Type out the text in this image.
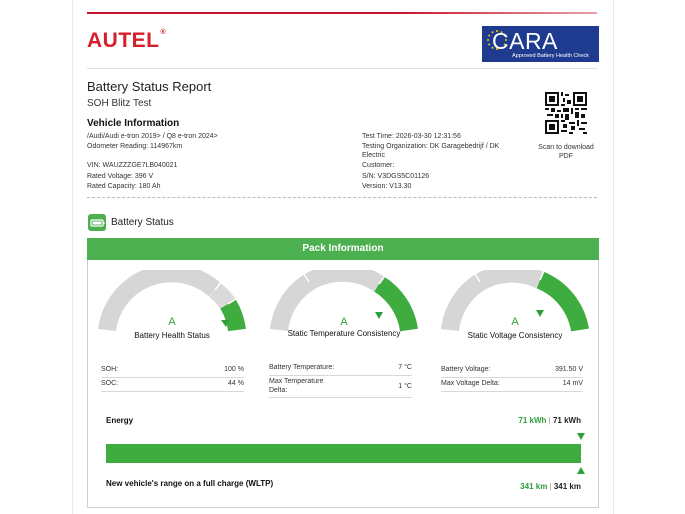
AUTEL®	CARA
Approved Battery Health Check
Battery Status Report
SOH Blitz Test
Vehicle Information
/Audi/Audi e-tron 2019> / Q8 e-tron 2024>
Odometer Reading: 114967km
VIN: WAUZZZGE7LB040021
Rated Voltage: 396 V
Rated Capacity: 180 Ah
Test Time: 2026-03-30 12:31:56
Testing Organization: DK Garagebedrijf / DK
Electric
Customer:
S/N: V3DGS5C01126
Version: V13.30
Scan to download
PDF
Battery Status
Pack Information
A
Battery Health Status
A
Static Temperature Consistency
A
Static Voltage Consistency
SOH:	100 %
SOC:	44 %
Battery Temperature:	7 °C
Max Temperature
Delta:	1 °C
Battery Voltage:	391.50 V
Max Voltage Delta:	14 mV
Energy	71 kWh | 71 kWh
New vehicle's range on a full charge (WLTP)	341 km | 341 km
